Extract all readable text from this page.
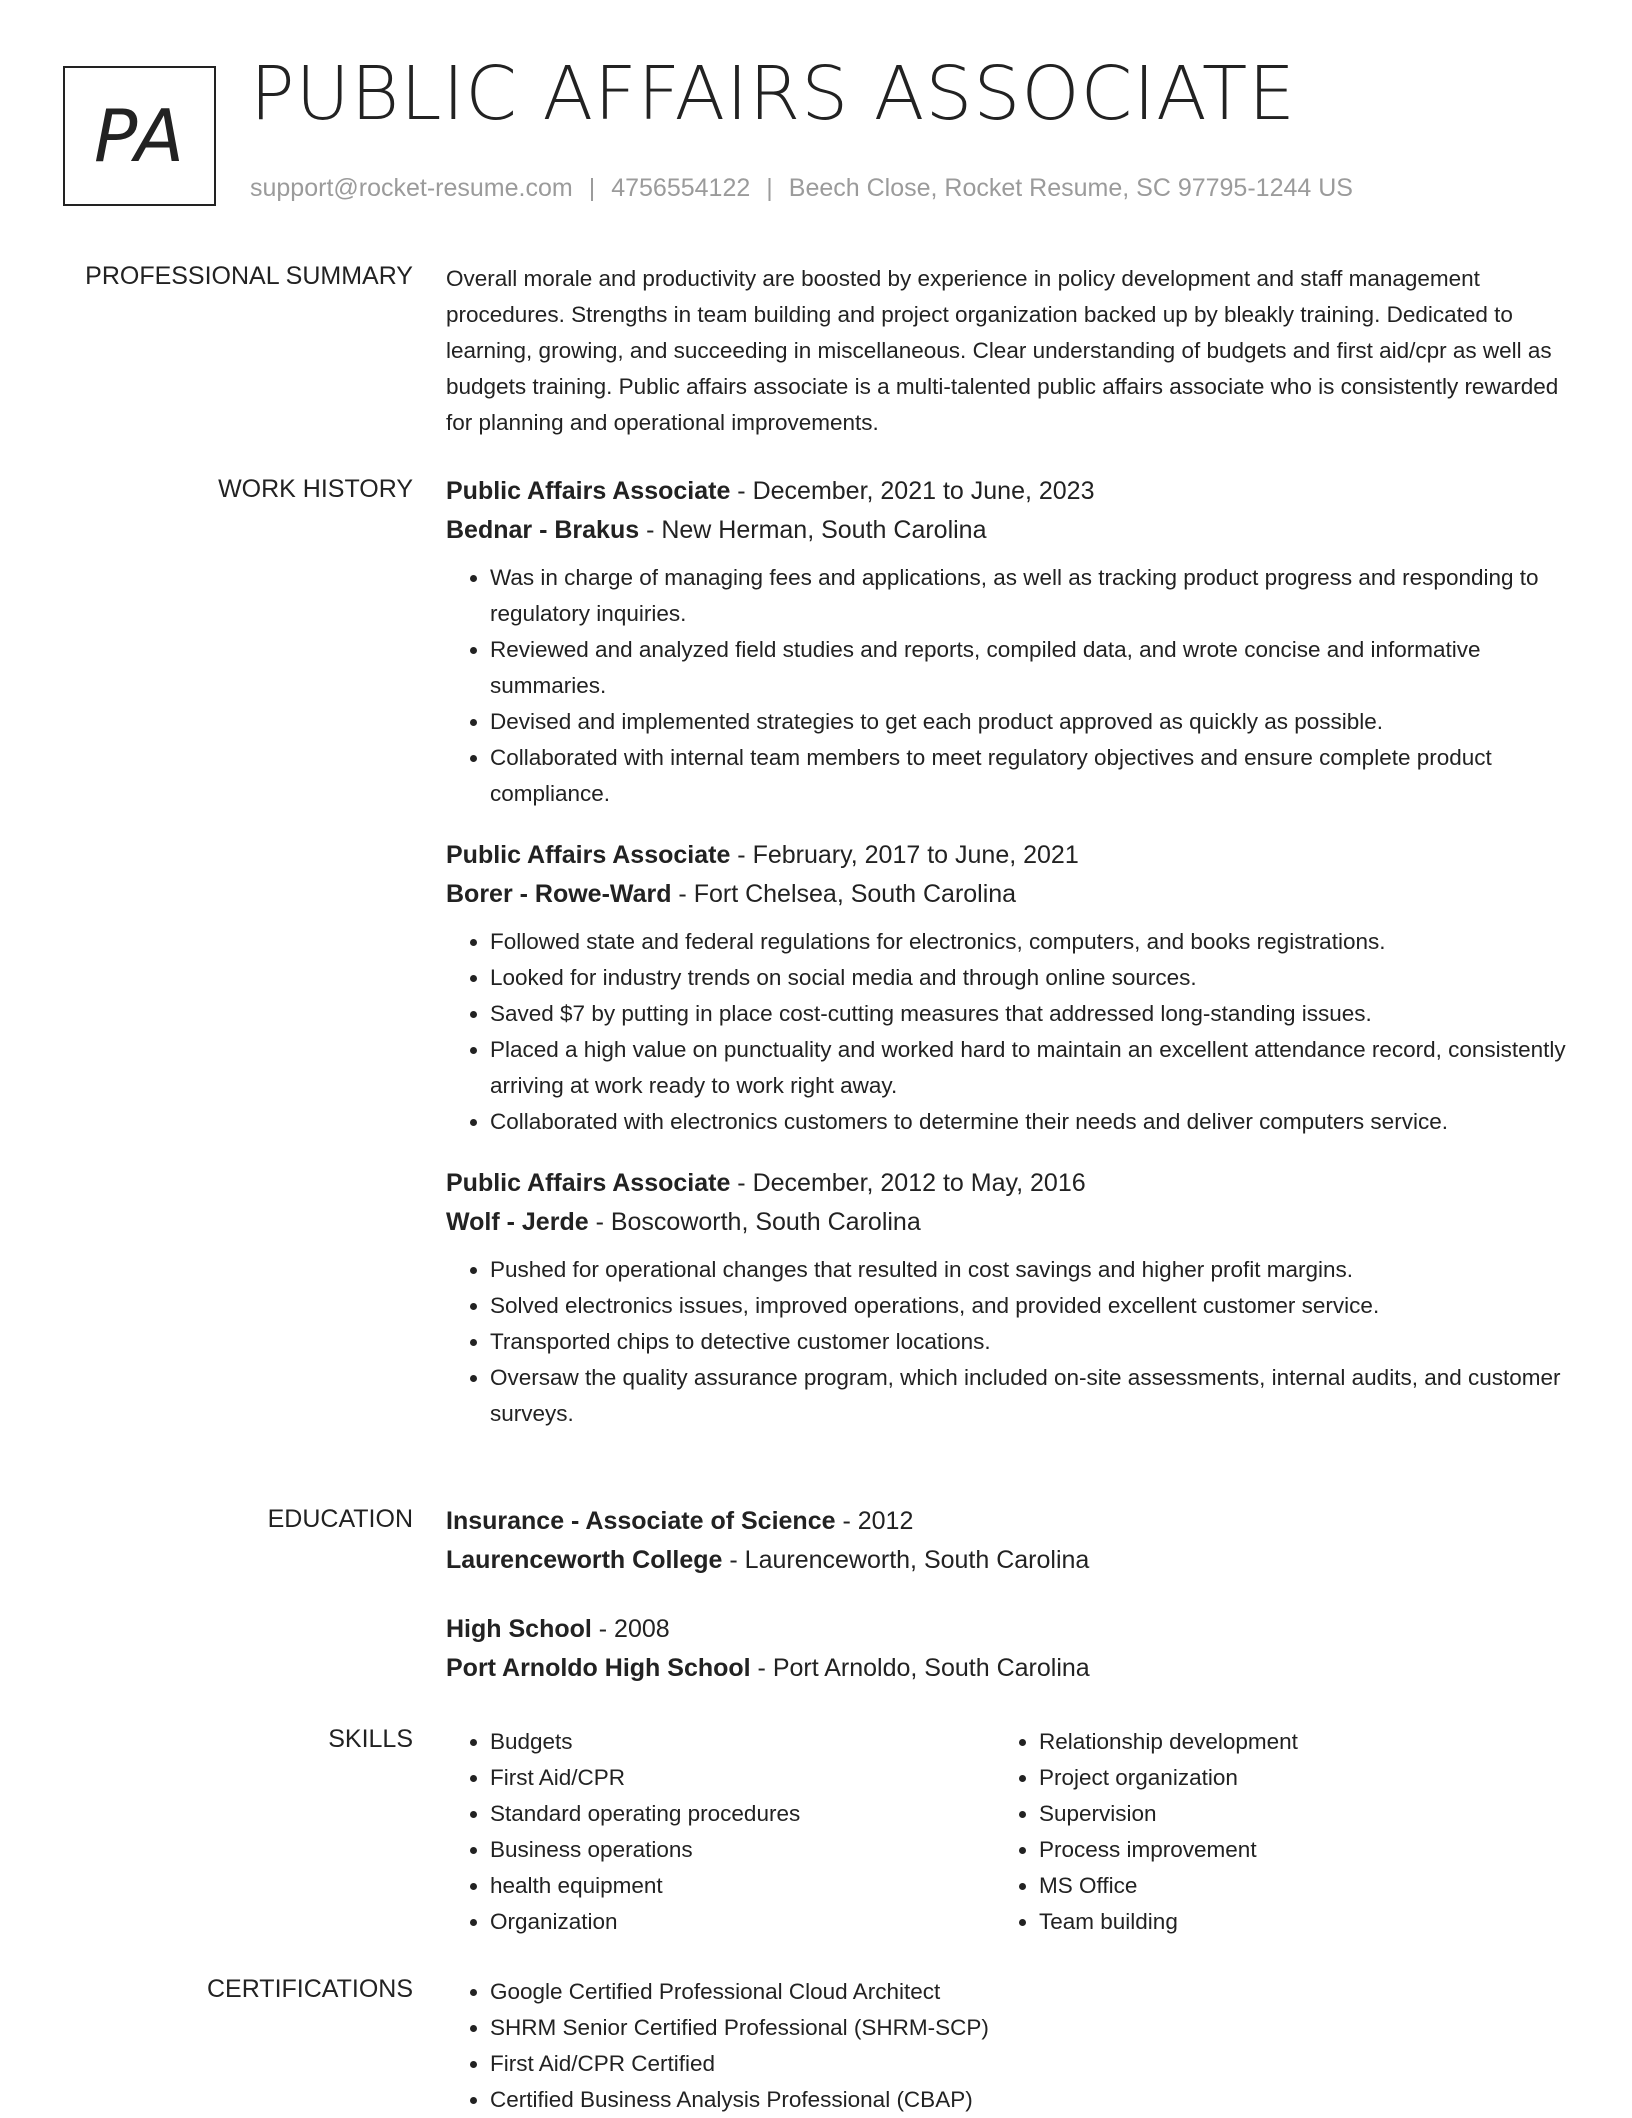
PA PUBLIC AFFAIRS ASSOCIATE
support@rocket-resume.com | 4756554122 | Beech Close, Rocket Resume, SC 97795-1244 US
PROFESSIONAL SUMMARY Overall morale and productivity are boosted by experience in policy development and staff management procedures. Strengths in team building and project organization backed up by bleakly training. Dedicated to learning, growing, and succeeding in miscellaneous. Clear understanding of budgets and first aid/cpr as well as budgets training. Public affairs associate is a multi-talented public affairs associate who is consistently rewarded for planning and operational improvements.
WORK HISTORY Public Affairs Associate - December, 2021 to June, 2023
Bednar - Brakus - New Herman, South Carolina
• Was in charge of managing fees and applications, as well as tracking product progress and responding to regulatory inquiries.
• Reviewed and analyzed field studies and reports, compiled data, and wrote concise and informative summaries.
• Devised and implemented strategies to get each product approved as quickly as possible.
• Collaborated with internal team members to meet regulatory objectives and ensure complete product compliance.
Public Affairs Associate - February, 2017 to June, 2021
Borer - Rowe-Ward - Fort Chelsea, South Carolina
• Followed state and federal regulations for electronics, computers, and books registrations.
• Looked for industry trends on social media and through online sources.
• Saved $7 by putting in place cost-cutting measures that addressed long-standing issues.
• Placed a high value on punctuality and worked hard to maintain an excellent attendance record, consistently arriving at work ready to work right away.
• Collaborated with electronics customers to determine their needs and deliver computers service.
Public Affairs Associate - December, 2012 to May, 2016
Wolf - Jerde - Boscoworth, South Carolina
• Pushed for operational changes that resulted in cost savings and higher profit margins.
• Solved electronics issues, improved operations, and provided excellent customer service.
• Transported chips to detective customer locations.
• Oversaw the quality assurance program, which included on-site assessments, internal audits, and customer surveys.
EDUCATION Insurance - Associate of Science - 2012
Laurenceworth College - Laurenceworth, South Carolina
High School - 2008
Port Arnoldo High School - Port Arnoldo, South Carolina
SKILLS	• Budgets
• First Aid/CPR
• Standard operating procedures
• Business operations
• health equipment
• Organization
• Relationship development
• Project organization
• Supervision
• Process improvement
• MS Office
• Team building
CERTIFICATIONS	• Google Certified Professional Cloud Architect
• SHRM Senior Certified Professional (SHRM-SCP)
• First Aid/CPR Certified
• Certified Business Analysis Professional (CBAP)
